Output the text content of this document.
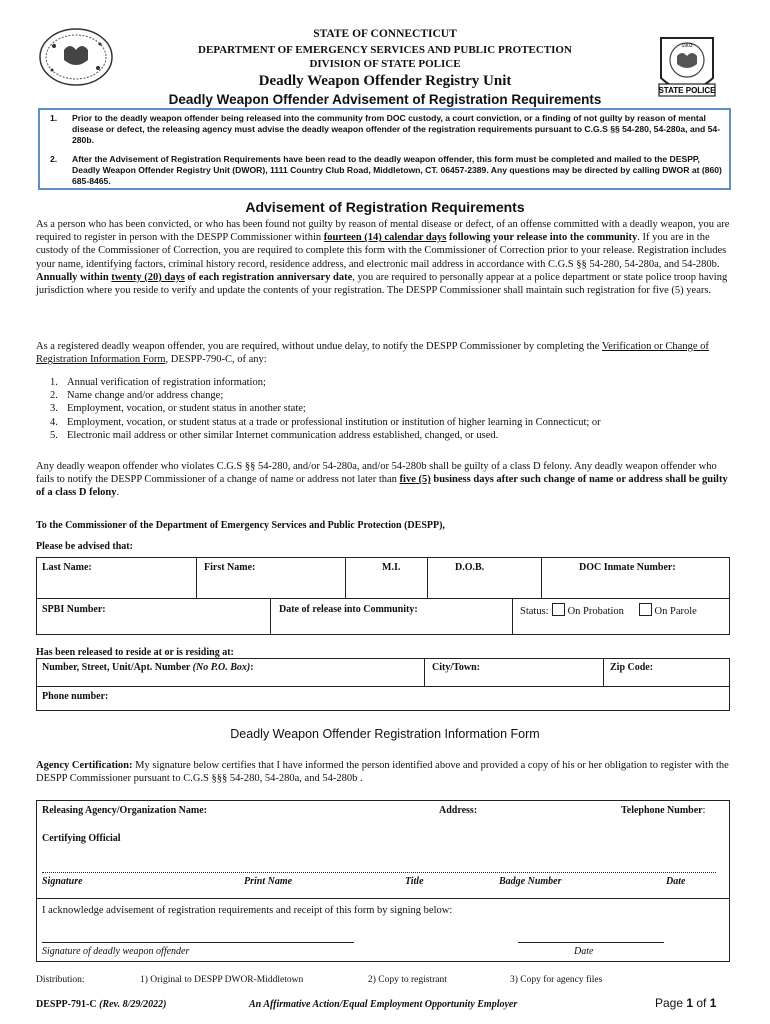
STATE POLICE
1903
STATE OF CONNECTICUT
DEPARTMENT OF EMERGENCY SERVICES AND PUBLIC PROTECTION
DIVISION OF STATE POLICE
Deadly Weapon Offender Registry Unit
Deadly Weapon Offender Advisement of Registration Requirements
1. Prior to the deadly weapon offender being released into the community from DOC custody, a court conviction, or a finding of not guilty by reason of mental disease or defect, the releasing agency must advise the deadly weapon offender of the registration requirements pursuant to C.G.S §§ 54-280, 54-280a, and 54-280b.
2. After the Advisement of Registration Requirements have been read to the deadly weapon offender, this form must be completed and mailed to the DESPP, Deadly Weapon Offender Registry Unit (DWOR), 1111 Country Club Road, Middletown, CT. 06457-2389. Any questions may be directed by calling DWOR at (860) 685-8465.
Advisement of Registration Requirements
As a person who has been convicted, or who has been found not guilty by reason of mental disease or defect, of an offense committed with a deadly weapon, you are required to register in person with the DESPP Commissioner within fourteen (14) calendar days following your release into the community. If you are in the custody of the Commissioner of Correction, you are required to complete this form with the Commissioner of Correction prior to your release. Registration includes your name, identifying factors, criminal history record, residence address, and electronic mail address in accordance with C.G.S §§ 54-280, 54-280a, and 54-280b. Annually within twenty (20) days of each registration anniversary date, you are required to personally appear at a police department or state police troop having jurisdiction where you reside to verify and update the contents of your registration. The DESPP Commissioner shall maintain such registration for five (5) years.
As a registered deadly weapon offender, you are required, without undue delay, to notify the DESPP Commissioner by completing the Verification or Change of Registration Information Form, DESPP-790-C, of any:
1. Annual verification of registration information;
2. Name change and/or address change;
3. Employment, vocation, or student status in another state;
4. Employment, vocation, or student status at a trade or professional institution or institution of higher learning in Connecticut; or
5. Electronic mail address or other similar Internet communication address established, changed, or used.
Any deadly weapon offender who violates C.G.S §§ 54-280, and/or 54-280a, and/or 54-280b shall be guilty of a class D felony. Any deadly weapon offender who fails to notify the DESPP Commissioner of a change of name or address not later than five (5) business days after such change of name or address shall be guilty of a class D felony.
To the Commissioner of the Department of Emergency Services and Public Protection (DESPP),
Please be advised that:
Last Name:	First Name:	M.I.	D.O.B.	DOC Inmate Number:
SPBI Number:	Date of release into Community:	Status: On Probation	On Parole
Has been released to reside at or is residing at:
Number, Street, Unit/Apt. Number (No P.O. Box):	City/Town:	Zip Code:
Phone number:
Deadly Weapon Offender Registration Information Form
Agency Certification: My signature below certifies that I have informed the person identified above and provided a copy of his or her obligation to register with the DESPP Commissioner pursuant to C.G.S §§§ 54-280, 54-280a, and 54-280b .
Releasing Agency/Organization Name:	Address:	Telephone Number:
Certifying Official
Signature	Print Name	Title	Badge Number	Date
I acknowledge advisement of registration requirements and receipt of this form by signing below:
Signature of deadly weapon offender	Date
Distribution:	1) Original to DESPP DWOR-Middletown	2) Copy to registrant	3) Copy for agency files
DESPP-791-C (Rev. 8/29/2022)	An Affirmative Action/Equal Employment Opportunity Employer	Page 1 of 1
